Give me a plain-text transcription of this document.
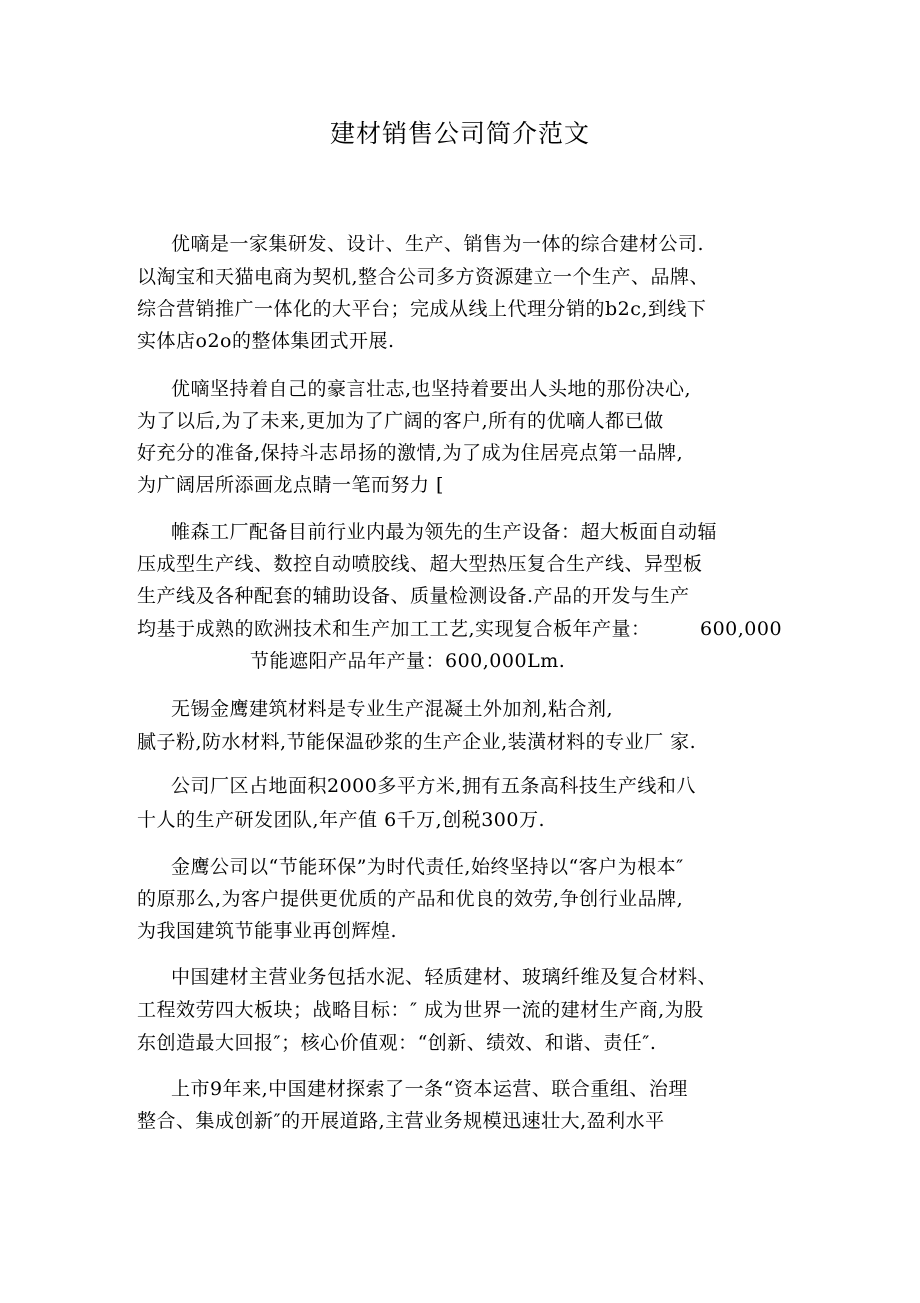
建材销售公司简介范文
优嘀是一家集研发、设计、生产、销售为一体的综合建材公司.
以淘宝和天猫电商为契机,整合公司多方资源建立一个生产、品牌、
综合营销推广一体化的大平台；完成从线上代理分销的b2c,到线下
实体店o2o的整体集团式开展.
优嘀坚持着自己的豪言壮志,也坚持着要出人头地的那份决心,
为了以后,为了未来,更加为了广阔的客户,所有的优嘀人都已做
好充分的准备,保持斗志昂扬的激情,为了成为住居亮点第一品牌,
为广阔居所添画龙点睛一笔而努力 [
帷森工厂配备目前行业内最为领先的生产设备：超大板面自动辐
压成型生产线、数控自动喷胶线、超大型热压复合生产线、异型板
生产线及各种配套的辅助设备、质量检测设备.产品的开发与生产
均基于成熟的欧洲技术和生产加工工艺,实现复合板年产量：	600,000
节能遮阳产品年产量：600,000Lm.
无锡金鹰建筑材料是专业生产混凝土外加剂,粘合剂,
腻子粉,防水材料,节能保温砂浆的生产企业,装潢材料的专业厂 家.
公司厂区占地面积2000多平方米,拥有五条高科技生产线和八
十人的生产研发团队,年产值 6千万,创税300万.
金鹰公司以“节能环保”为时代责任,始终坚持以“客户为根本″
的原那么,为客户提供更优质的产品和优良的效劳,争创行业品牌,
为我国建筑节能事业再创辉煌.
中国建材主营业务包括水泥、轻质建材、玻璃纤维及复合材料、
工程效劳四大板块；战略目标：″ 成为世界一流的建材生产商,为股
东创造最大回报″；核心价值观：“创新、绩效、和谐、责任″.
上市9年来,中国建材探索了一条“资本运营、联合重组、治理
整合、集成创新″的开展道路,主营业务规模迅速壮大,盈利水平
